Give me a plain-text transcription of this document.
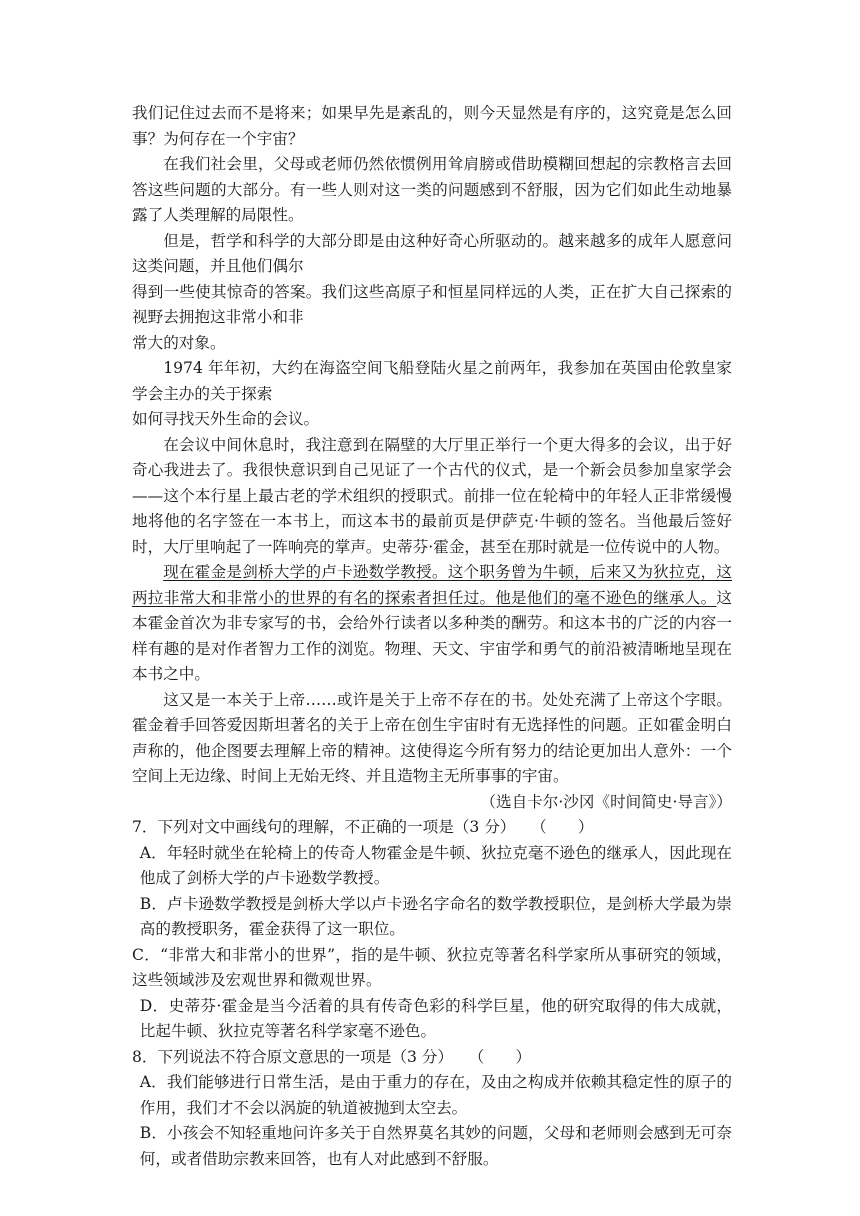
我们记住过去而不是将来；如果早先是紊乱的，则今天显然是有序的，这究竟是怎么回事？为何存在一个宇宙？

在我们社会里，父母或老师仍然依惯例用耸肩膀或借助模糊回想起的宗教格言去回答这些问题的大部分。有一些人则对这一类的问题感到不舒服，因为它们如此生动地暴露了人类理解的局限性。

但是，哲学和科学的大部分即是由这种好奇心所驱动的。越来越多的成年人愿意问这类问题，并且他们偶尔

得到一些使其惊奇的答案。我们这些高原子和恒星同样远的人类，正在扩大自己探索的视野去拥抱这非常小和非

常大的对象。

1974 年年初，大约在海盗空间飞船登陆火星之前两年，我参加在英国由伦敦皇家学会主办的关于探索

如何寻找天外生命的会议。

在会议中间休息时，我注意到在隔壁的大厅里正举行一个更大得多的会议，出于好奇心我进去了。我很快意识到自己见证了一个古代的仪式，是一个新会员参加皇家学会——这个本行星上最古老的学术组织的授职式。前排一位在轮椅中的年轻人正非常缓慢地将他的名字签在一本书上，而这本书的最前页是伊萨克·牛顿的签名。当他最后签好时，大厅里响起了一阵响亮的掌声。史蒂芬·霍金，甚至在那时就是一位传说中的人物。

现在霍金是剑桥大学的卢卡逊数学教授。这个职务曾为牛顿，后来又为狄拉克，这两拉非常大和非常小的世界的有名的探索者担任过。他是他们的毫不逊色的继承人。这本霍金首次为非专家写的书，会给外行读者以多种类的酬劳。和这本书的广泛的内容一样有趣的是对作者智力工作的浏览。物理、天文、宇宙学和勇气的前沿被清晰地呈现在本书之中。

这又是一本关于上帝……或许是关于上帝不存在的书。处处充满了上帝这个字眼。霍金着手回答爱因斯坦著名的关于上帝在创生宇宙时有无选择性的问题。正如霍金明白声称的，他企图要去理解上帝的精神。这使得迄今所有努力的结论更加出人意外：一个空间上无边缘、时间上无始无终、并且造物主无所事事的宇宙。

（选自卡尔·沙冈《时间简史·导言》）

7．下列对文中画线句的理解，不正确的一项是（3 分）　　（　　）

A．年轻时就坐在轮椅上的传奇人物霍金是牛顿、狄拉克毫不逊色的继承人，因此现在他成了剑桥大学的卢卡逊数学教授。

B．卢卡逊数学教授是剑桥大学以卢卡逊名字命名的数学教授职位，是剑桥大学最为崇高的教授职务，霍金获得了这一职位。

C．“非常大和非常小的世界”，指的是牛顿、狄拉克等著名科学家所从事研究的领域，这些领域涉及宏观世界和微观世界。

D．史蒂芬·霍金是当今活着的具有传奇色彩的科学巨星，他的研究取得的伟大成就，比起牛顿、狄拉克等著名科学家毫不逊色。

8．下列说法不符合原文意思的一项是（3 分）　　（　　）

A．我们能够进行日常生活，是由于重力的存在，及由之构成并依赖其稳定性的原子的作用，我们才不会以涡旋的轨道被抛到太空去。

B．小孩会不知轻重地问许多关于自然界莫名其妙的问题，父母和老师则会感到无可奈何，或者借助宗教来回答，也有人对此感到不舒服。
